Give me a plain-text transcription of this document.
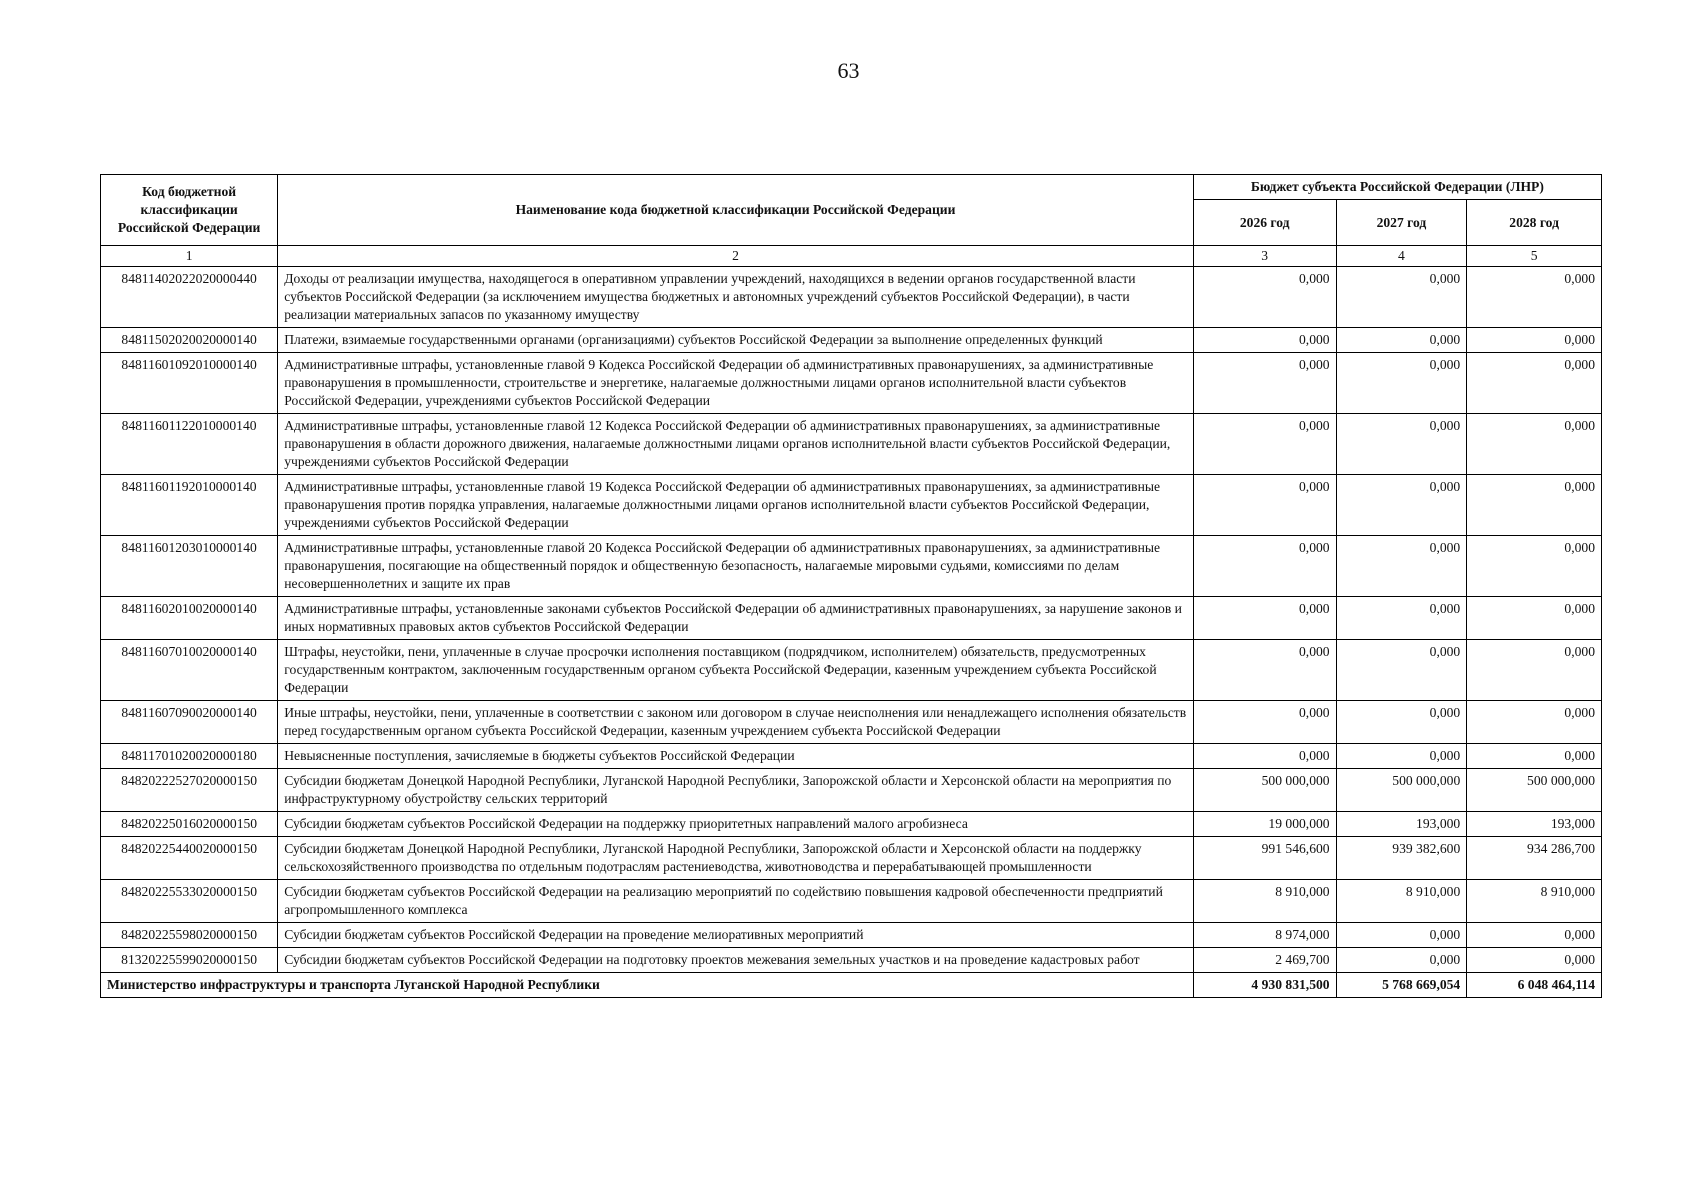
63
Код бюджетной классификации Российской Федерации	Наименование кода бюджетной классификации Российской Федерации	Бюджет субъекта Российской Федерации (ЛНР)		
		2026 год	2027 год	2028 год
1	2	3	4	5
84811402022020000440	Доходы от реализации имущества, находящегося в оперативном управлении учреждений, находящихся в ведении органов государственной власти субъектов Российской Федерации (за исключением имущества бюджетных и автономных учреждений субъектов Российской Федерации), в части реализации материальных запасов по указанному имуществу	0,000	0,000	0,000
84811502020020000140	Платежи, взимаемые государственными органами (организациями) субъектов Российской Федерации за выполнение определенных функций	0,000	0,000	0,000
84811601092010000140	Административные штрафы, установленные главой 9 Кодекса Российской Федерации об административных правонарушениях, за административные правонарушения в промышленности, строительстве и энергетике, налагаемые должностными лицами органов исполнительной власти субъектов Российской Федерации, учреждениями субъектов Российской Федерации	0,000	0,000	0,000
84811601122010000140	Административные штрафы, установленные главой 12 Кодекса Российской Федерации об административных правонарушениях, за административные правонарушения в области дорожного движения, налагаемые должностными лицами органов исполнительной власти субъектов Российской Федерации, учреждениями субъектов Российской Федерации	0,000	0,000	0,000
84811601192010000140	Административные штрафы, установленные главой 19 Кодекса Российской Федерации об административных правонарушениях, за административные правонарушения против порядка управления, налагаемые должностными лицами органов исполнительной власти субъектов Российской Федерации, учреждениями субъектов Российской Федерации	0,000	0,000	0,000
84811601203010000140	Административные штрафы, установленные главой 20 Кодекса Российской Федерации об административных правонарушениях, за административные правонарушения, посягающие на общественный порядок и общественную безопасность, налагаемые мировыми судьями, комиссиями по делам несовершеннолетних и защите их прав	0,000	0,000	0,000
84811602010020000140	Административные штрафы, установленные законами субъектов Российской Федерации об административных правонарушениях, за нарушение законов и иных нормативных правовых актов субъектов Российской Федерации	0,000	0,000	0,000
84811607010020000140	Штрафы, неустойки, пени, уплаченные в случае просрочки исполнения поставщиком (подрядчиком, исполнителем) обязательств, предусмотренных государственным контрактом, заключенным государственным органом субъекта Российской Федерации, казенным учреждением субъекта Российской Федерации	0,000	0,000	0,000
84811607090020000140	Иные штрафы, неустойки, пени, уплаченные в соответствии с законом или договором в случае неисполнения или ненадлежащего исполнения обязательств перед государственным органом субъекта Российской Федерации, казенным учреждением субъекта Российской Федерации	0,000	0,000	0,000
84811701020020000180	Невыясненные поступления, зачисляемые в бюджеты субъектов Российской Федерации	0,000	0,000	0,000
84820222527020000150	Субсидии бюджетам Донецкой Народной Республики, Луганской Народной Республики, Запорожской области и Херсонской области на мероприятия по инфраструктурному обустройству сельских территорий	500 000,000	500 000,000	500 000,000
84820225016020000150	Субсидии бюджетам субъектов Российской Федерации на поддержку приоритетных направлений малого агробизнеса	19 000,000	193,000	193,000
84820225440020000150	Субсидии бюджетам Донецкой Народной Республики, Луганской Народной Республики, Запорожской области и Херсонской области на поддержку сельскохозяйственного производства по отдельным подотраслям растениеводства, животноводства и перерабатывающей промышленности	991 546,600	939 382,600	934 286,700
84820225533020000150	Субсидии бюджетам субъектов Российской Федерации на реализацию мероприятий по содействию повышения кадровой обеспеченности предприятий агропромышленного комплекса	8 910,000	8 910,000	8 910,000
84820225598020000150	Субсидии бюджетам субъектов Российской Федерации на проведение мелиоративных мероприятий	8 974,000	0,000	0,000
81320225599020000150	Субсидии бюджетам субъектов Российской Федерации на подготовку проектов межевания земельных участков и на проведение кадастровых работ	2 469,700	0,000	0,000
Министерство инфраструктуры и транспорта Луганской Народной Республики		4 930 831,500	5 768 669,054	6 048 464,114
